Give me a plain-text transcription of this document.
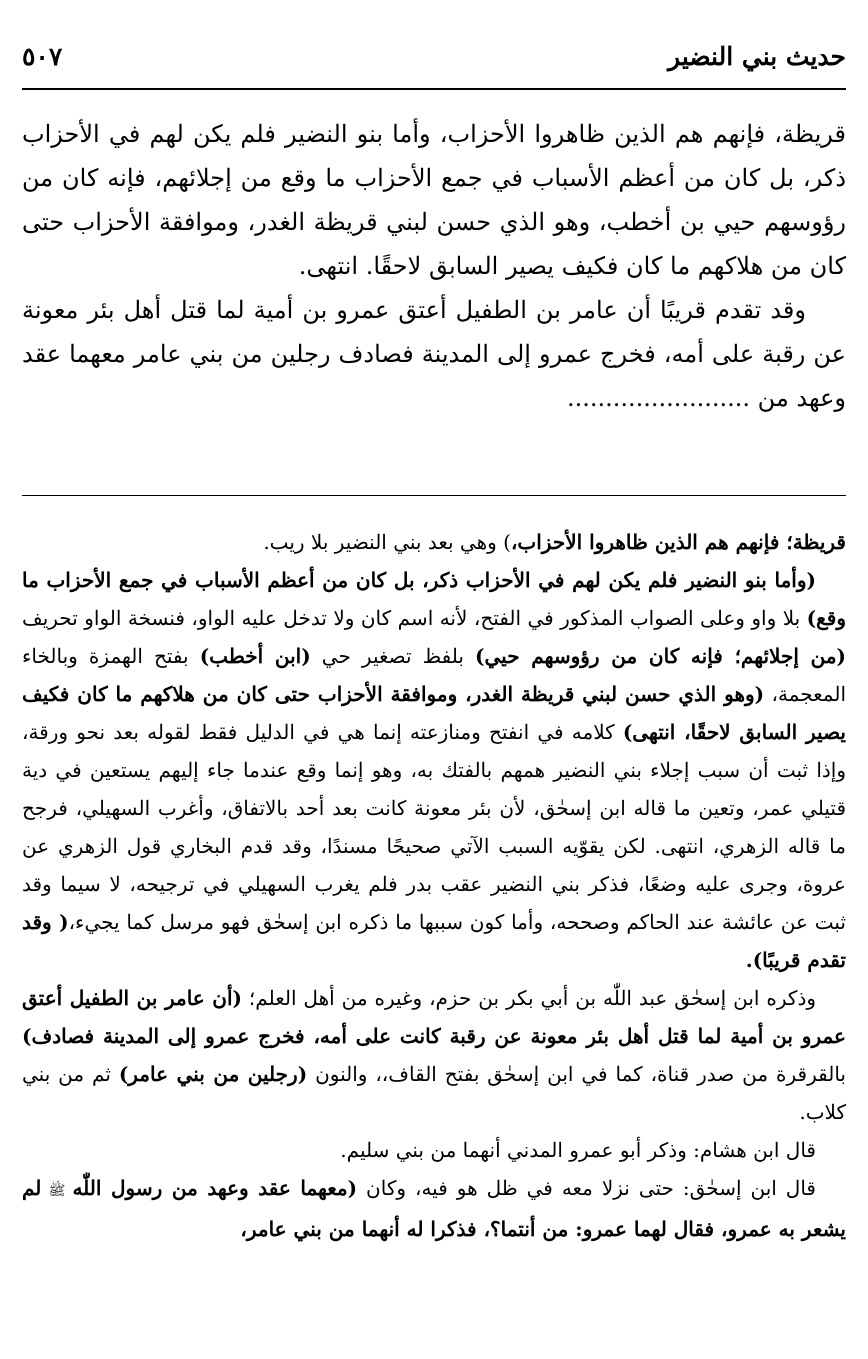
حديث بني النضير
٥٠٧

قريظة، فإنهم هم الذين ظاهروا الأحزاب، وأما بنو النضير فلم يكن لهم في الأحزاب ذكر، بل كان من أعظم الأسباب في جمع الأحزاب ما وقع من إجلائهم، فإنه كان من رؤوسهم حيي بن أخطب، وهو الذي حسن لبني قريظة الغدر، وموافقة الأحزاب حتى كان من هلاكهم ما كان فكيف يصير السابق لاحقًا. انتهى.

وقد تقدم قريبًا أن عامر بن الطفيل أعتق عمرو بن أمية لما قتل أهل بئر معونة عن رقبة على أمه، فخرج عمرو إلى المدينة فصادف رجلين من بني عامر معهما عقد وعهد من ........................

قريظة؛ فإنهم هم الذين ظاهروا الأحزاب،) وهي بعد بني النضير بلا ريب.

(وأما بنو النضير فلم يكن لهم في الأحزاب ذكر، بل كان من أعظم الأسباب في جمع الأحزاب ما وقع) بلا واو وعلى الصواب المذكور في الفتح، لأنه اسم كان ولا تدخل عليه الواو، فنسخة الواو تحريف (من إجلائهم؛ فإنه كان من رؤوسهم حيي) بلفظ تصغير حي (ابن أخطب) بفتح الهمزة وبالخاء المعجمة، (وهو الذي حسن لبني قريظة الغدر، وموافقة الأحزاب حتى كان من هلاكهم ما كان فكيف يصير السابق لاحقًا، انتهى) كلامه في انفتح ومنازعته إنما هي في الدليل فقط لقوله بعد نحو ورقة، وإذا ثبت أن سبب إجلاء بني النضير همهم بالفتك به، وهو إنما وقع عندما جاء إليهم يستعين في دية قتيلي عمر، وتعين ما قاله ابن إسحٰق، لأن بئر معونة كانت بعد أحد بالاتفاق، وأغرب السهيلي، فرجح ما قاله الزهري، انتهى. لكن يقوّيه السبب الآتي صحيحًا مسندًا، وقد قدم البخاري قول الزهري عن عروة، وجرى عليه وضعًا، فذكر بني النضير عقب بدر فلم يغرب السهيلي في ترجيحه، لا سيما وقد ثبت عن عائشة عند الحاكم وصححه، وأما كون سببها ما ذكره ابن إسحٰق فهو مرسل كما يجيء،( وقد تقدم قريبًا).

وذكره ابن إسحٰق عبد اللّٰه بن أبي بكر بن حزم، وغيره من أهل العلم؛ (أن عامر بن الطفيل أعتق عمرو بن أمية لما قتل أهل بئر معونة عن رقبة كانت على أمه، فخرج عمرو إلى المدينة فصادف) بالقرقرة من صدر قناة، كما في ابن إسحٰق بفتح القاف،، والنون (رجلين من بني عامر) ثم من بني كلاب.

قال ابن هشام: وذكر أبو عمرو المدني أنهما من بني سليم.

قال ابن إسحٰق: حتى نزلا معه في ظل هو فيه، وكان (معهما عقد وعهد من رسول اللّٰه ﷺ لم يشعر به عمرو، فقال لهما عمرو: من أنتما؟، فذكرا له أنهما من بني عامر،
